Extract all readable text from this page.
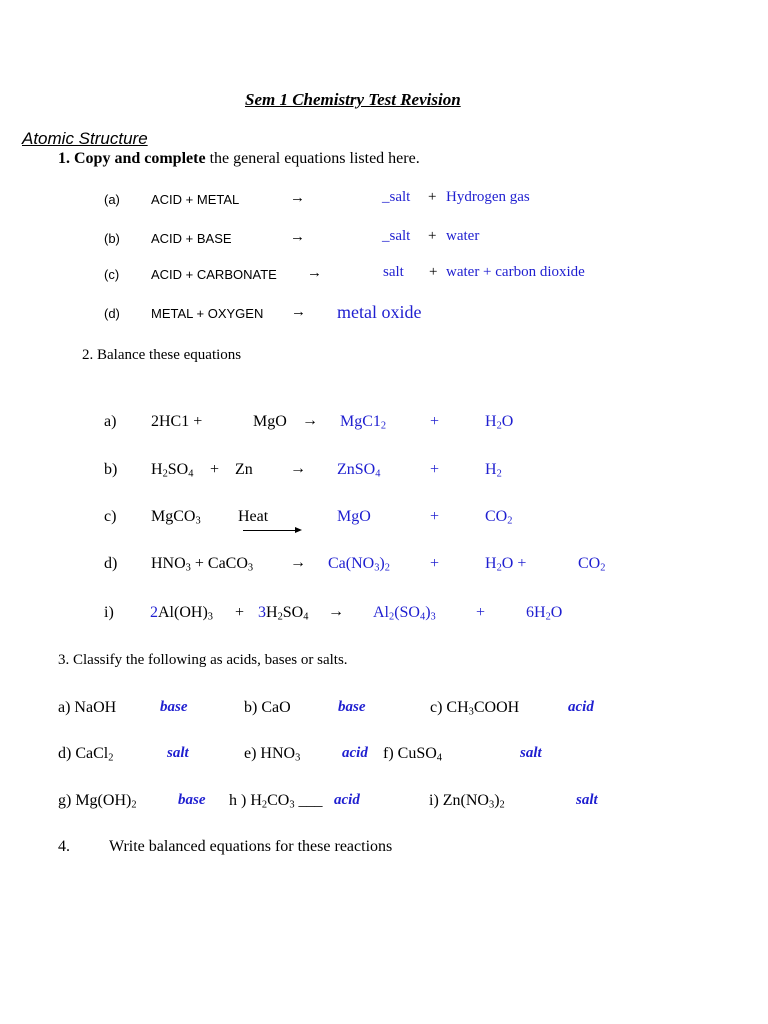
Sem 1 Chemistry Test Revision
Atomic Structure
1. Copy and complete the general equations listed here.
(a) ACID + METAL	→	_salt + Hydrogen gas
(b) ACID + BASE	→	_salt + water
(c) ACID + CARBONATE →	salt + water + carbon dioxide
(d) METAL + OXYGEN → metal oxide
2. Balance these equations
a) 2HC1 +	MgO → $MgC1_2$	+	$H_2O$
b) $H_2SO_4 + Zn$ → ZnSO$_4$	+	$H_2$
c) MgCO$_3$ Heat	MgO	+	$CO_2$
d) $HNO_3$ + CaCO$_3$ → $Ca(NO_3)_2$	+	$H_2O$ +	$CO_2$
i) $2Al(OH)_3 + 3H_2SO_4 \to Al_2(SO_4)_3$	+	$6H_2O$
3. Classify the following as acids, bases or salts.
a) NaOH	base	b) CaO	base	c) $CH_3COOH$	acid
d) CaCl$_2$	salt	e) $HNO_3$	acid f) CuSO$_4$	salt
g) $Mg(OH)_2$	base h ) $H_2CO_3$ ___ acid	i) $Zn(NO_3)_2$	salt
4. Write balanced equations for these reactions
